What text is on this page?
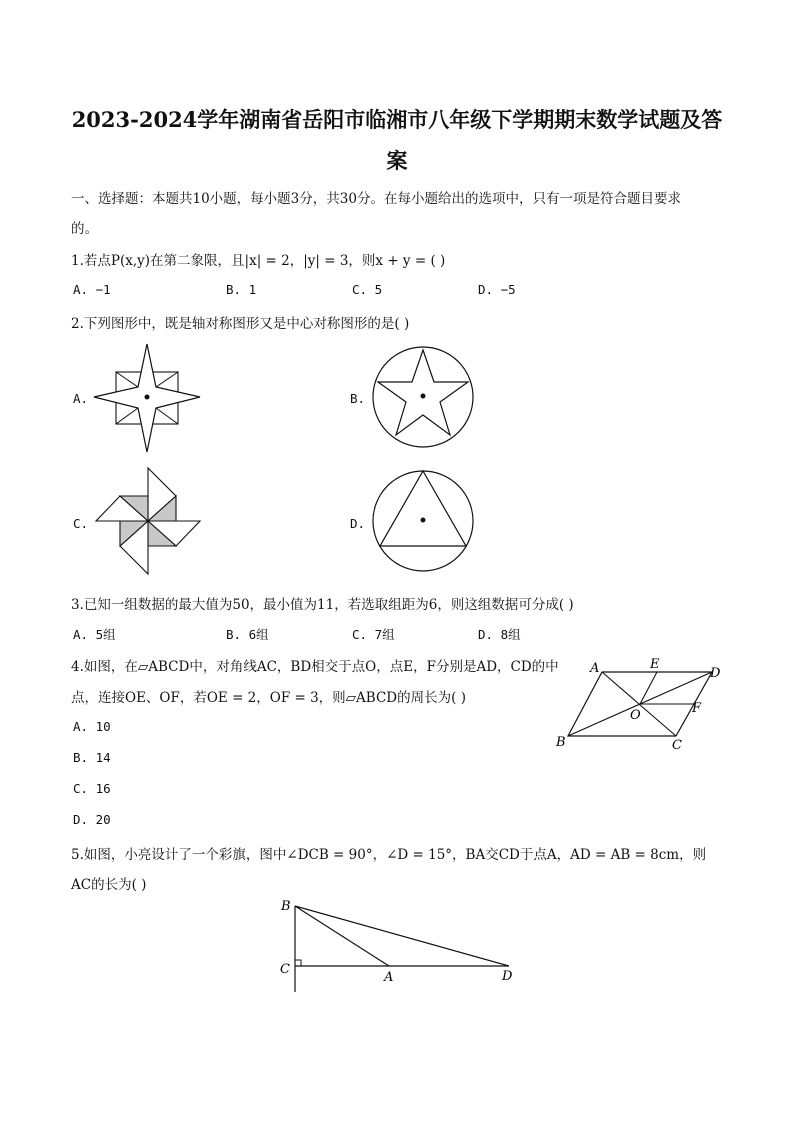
2023-2024学年湖南省岳阳市临湘市八年级下学期期末数学试题及答
案
一、选择题：本题共10小题，每小题3分，共30分。在每小题给出的选项中，只有一项是符合题目要求
的。
1.若点P(x,y)在第二象限，且|x| = 2，|y| = 3，则x + y = ( )
A. −1	B. 1	C. 5	D. −5
2.下列图形中，既是轴对称图形又是中心对称图形的是( )
A.	B.
C.	D.
3.已知一组数据的最大值为50，最小值为11，若选取组距为6，则这组数据可分成( )
A. 5组	B. 6组	C. 7组	D. 8组
4.如图，在▱ABCD中，对角线AC，BD相交于点O，点E，F分别是AD，CD的中
点，连接OE、OF，若OE = 2，OF = 3，则▱ABCD的周长为( )
A. 10
B. 14
C. 16
D. 20
A	E
D
O	F
B	C
5.如图，小亮设计了一个彩旗，图中∠DCB = 90°，∠D = 15°，BA交CD于点A，AD = AB = 8cm，则
AC的长为( )
B
C
A	D
